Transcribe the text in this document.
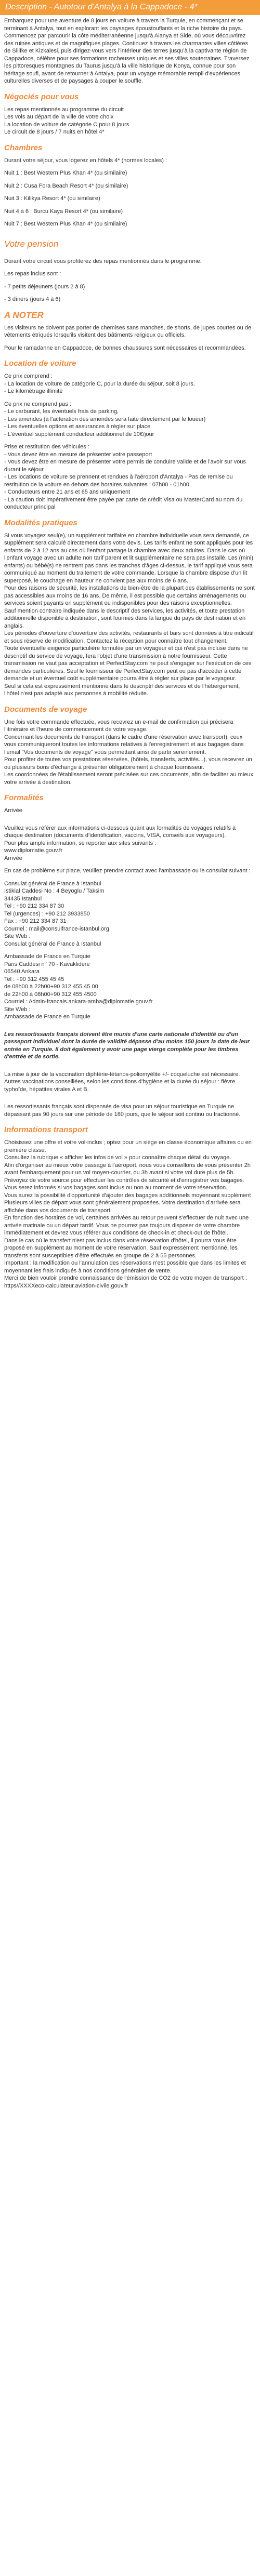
Description - Autotour d'Antalya à la Cappadoce - 4*

Embarquez pour une aventure de 8 jours en voiture à travers la Turquie, en commençant et se terminant à Antalya, tout en explorant les paysages époustouflants et la riche histoire du pays. Commencez par parcourir la côte méditerranéenne jusqu'à Alanya et Side, où vous découvrirez des ruines antiques et de magnifiques plages. Continuez à travers les charmantes villes côtières de Silifke et Kizkalesi, puis dirigez-vous vers l'intérieur des terres jusqu'à la captivante région de Cappadoce, célèbre pour ses formations rocheuses uniques et ses villes souterraines. Traversez les pittoresques montagnes du Taurus jusqu'à la ville historique de Konya, connue pour son héritage soufi, avant de retourner à Antalya, pour un voyage mémorable rempli d'expériences culturelles diverses et de paysages à couper le souffle.

Négociés pour vous
Les repas mentionnés au programme du circuit
Les vols au départ de la ville de votre choix
La location de voiture de catégorie C pour 8 jours
Le circuit de 8 jours / 7 nuits en hôtel 4*
Chambres

Durant votre séjour, vous logerez en hôtels 4* (normes locales) :

Nuit 1 : Best Western Plus Khan 4* (ou similaire)

Nuit 2 : Cusa Fora Beach Resort 4* (ou similaire)

Nuit 3 : Kilikya Resort 4* (ou similaire)

Nuit 4 à 6 : Burcu Kaya Resort 4* (ou similaire)

Nuit 7 : Best Western Plus Khan 4* (ou similaire)

Votre pension

Durant votre circuit vous profiterez des repas mentionnés dans le programme.

Les repas inclus sont :

- 7 petits déjeuners (jours 2 à 8)

- 3 dîners (jours 4 à 6)

A NOTER

Les visiteurs ne doivent pas porter de chemises sans manches, de shorts, de jupes courtes ou de vêtements étriqués lorsqu'ils visitent des bâtiments religieux ou officiels.

Pour le ramadanne en Cappadoce, de bonnes chaussures sont nécessaires et recommandées.

Location de voiture
Ce prix comprend :
- La location de voiture de catégorie C, pour la durée du séjour, soit 8 jours.
- Le kilométrage illimité
Ce prix ne comprend pas :
- Le carburant, les éventuels frais de parking,
- Les amendes (à l'acteration des amendes sera faite directement par le loueur)
- Les éventuelles options et assurances à régler sur place
- L'éventuel supplément conducteur additionnel de 10€/jour
Prise et restitution des véhicules :
- Vous devez être en mesure de présenter votre passeport
- Vous devez être en mesure de présenter votre permis de conduire valide et de l'avoir sur vous durant le séjour
- Les locations de voiture se prennent et rendues à l'aéroport d'Antalya - Pas de remise ou restitution de la voiture en dehors des horaires suivantes : 07h00 - 01h00.
- Conducteurs entre 21 ans et 65 ans uniquement
- La caution doit impérativement être payée par carte de crédit Visa ou MasterCard au nom du conducteur principal
Modalités pratiques
Si vous voyagez seul(e), un supplément tarifaire en chambre individuelle vous sera demandé, ce supplément sera calculé directement dans votre devis. Les tarifs enfant ne sont appliqués pour les enfants de 2 à 12 ans au cas où l'enfant partage la chambre avec deux adultes. Dans le cas où l'enfant voyage avec un adulte non tarif parent et lit supplémentaire ne sera pas installé. Les (mini) enfants) ou bébé(s) ne rentrent pas dans les tranches d'âges ci-dessus, le tarif appliqué vous sera communiqué au moment du traitement de votre commande. Lorsque la chambre dispose d'un lit superposé, le couchage en hauteur ne convient pas aux moins de 6 ans.
Pour des raisons de sécurité, les installations de bien-être de la plupart des établissements ne sont pas accessibles aux moins de 16 ans. De même, il est possible que certains aménagements ou services soient payants en supplément ou indisponibles pour des raisons exceptionnelles.
Sauf mention contraire indiquée dans le descriptif des services, les activités, et toute prestation additionnelle disponible à destination, sont fournies dans la langue du pays de destination et en anglais.
Les périodes d'ouverture d'ouverture des activités, restaurants et bars sont données à titre indicatif et sous réserve de modification. Contactez la réception pour connaître tout changement.
Toute éventuelle exigence particulière formulée par un voyageur et qui n'est pas incluse dans ne descriptif du service de voyage, fera l'objet d'une transmission à notre fournisseur. Cette transmission ne vaut pas acceptation et PerfectStay.com ne peut s'engager sur l'exécution de ces demandes particulières. Seul le fournisseur de PerfectStay.com peut ou pas d'accéder à cette demande et un éventuel coût supplémentaire pourra être à régler sur place par le voyageur.
Seul si cela est expressément mentionné dans le descriptif des services et de l'hébergement, l'hôtel n'est pas adapté aux personnes à mobilité réduite.
Documents de voyage
Une fois votre commande effectuée, vous recevrez un e-mail de confirmation qui précisera l'itinéraire et l'heure de commencement de votre voyage.
Concernant les documents de transport (dans le cadre d'une réservation avec transport), ceux vous communiqueront toutes les informations relatives à l'enregistrement et aux bagages dans l'email "Vos documents de voyage" vous permettant ainsi de partir sereinement.
Pour profiter de toutes vos prestations réservées, (hôtels, transferts, activités...), vous recevrez un ou plusieurs bons d'échange à présenter obligatoirement à chaque fournisseur.
Les coordonnées de l'établissement seront précisées sur ces documents, afin de faciliter au mieux votre arrivée à destination.
Formalités

Arrivée

Veuillez vous référer aux informations ci-dessous quant aux formalités de voyages relatifs à chaque destination (documents d'identification, vaccins, VISA, conseils aux voyageurs).

Pour plus ample information, se reporter aux sites suivants :
www.diplomatie.gouv.fr
Arrivée

En cas de problème sur place, veuillez prendre contact avec l'ambassade ou le consulat suivant :

Consulat général de France à Istanbul
Istiklal Caddesi No : 4 Beyoglu / Taksim
34435 Istanbul
Tel : +90 212 334 87 30
Tel (urgences) : +90 212 3933850
Fax : +90 212 334 87 31
Courriel : mail@consulfrance-istanbul.org
Site Web :
Consulat général de France à Istanbul
Ambassade de France en Turquie
Paris Caddesi n° 70 - Kavaklidere
06540 Ankara
Tel : +90 312 455 45 45
de 08h00 à 22h00+90 312 455 45 00
de 22h00 à 08h00+90 312 455 4500
Courriel : Admin-francais.ankara-amba@diplomatie.gouv.fr
Site Web :
Ambassade de France en Turquie

Les ressortissants français doivent être munis d'une carte nationale d'identité ou d'un passeport individuel dont la durée de validité dépasse d'au moins 150 jours la date de leur entrée en Turquie. Il doit également y avoir une page vierge complète pour les timbres d'entrée et de sortie.

La mise à jour de la vaccination diphtérie-tétanos-poliomyélite +/- coqueluche est nécessaire. Autres vaccinations conseillées, selon les conditions d'hygiène et la durée du séjour : fièvre typhoïde, hépatites virales A et B.

Les ressortissants français sont dispensés de visa pour un séjour touristique en Turquie ne dépassant pas 90 jours sur une période de 180 jours, que le séjour soit continu ou fractionné.

Informations transport
Choisissez une offre et votre vol-inclus ; optez pour un siège en classe économique affaires ou en première classe.
Consultez la rubrique « afficher les infos de vol » pour connaître chaque détail du voyage.
Afin d'organiser au mieux votre passage à l'aéroport, nous vous conseillons de vous présenter 2h avant l'embarquement pour un vol moyen-courrier, ou 3h avant si votre vol dure plus de 5h. Prévoyez de votre source pour effectuer les contrôles de sécurité et d'enregistrer vos bagages.
Vous serez informés si vos bagages sont inclus ou non au moment de votre réservation.
Vous aurez la possibilité d'opportunité d'ajouter des bagages additionnels moyennant supplément
Plusieurs villes de départ vous sont généralement proposées. Votre destination d'arrivée sera affichée dans vos documents de transport.
En fonction des horaires de vol, certaines arrivées au retour peuvent s'effectuer de nuit avec une arrivée matinale ou un départ tardif. Vous ne pourrez pas toujours disposer de votre chambre immédiatement et devrez vous référer aux conditions de check-in et check-out de l'hôtel.
Dans le cas où le transfert n'est pas inclus dans votre réservation d'hôtel, il pourra vous être proposé en supplément au moment de votre réservation. Sauf expressément mentionné, les transferts sont susceptibles d'être effectués en groupe de 2 à 55 personnes.
Important : la modification ou l'annulation des réservations n'est possible que dans les limites et moyennant les frais indiqués à nos conditions générales de vente.
Merci de bien vouloir prendre connaissance de l'émission de CO2 de votre moyen de transport : https//XXXXeco-calculateur.aviation-civile.gouv.fr
